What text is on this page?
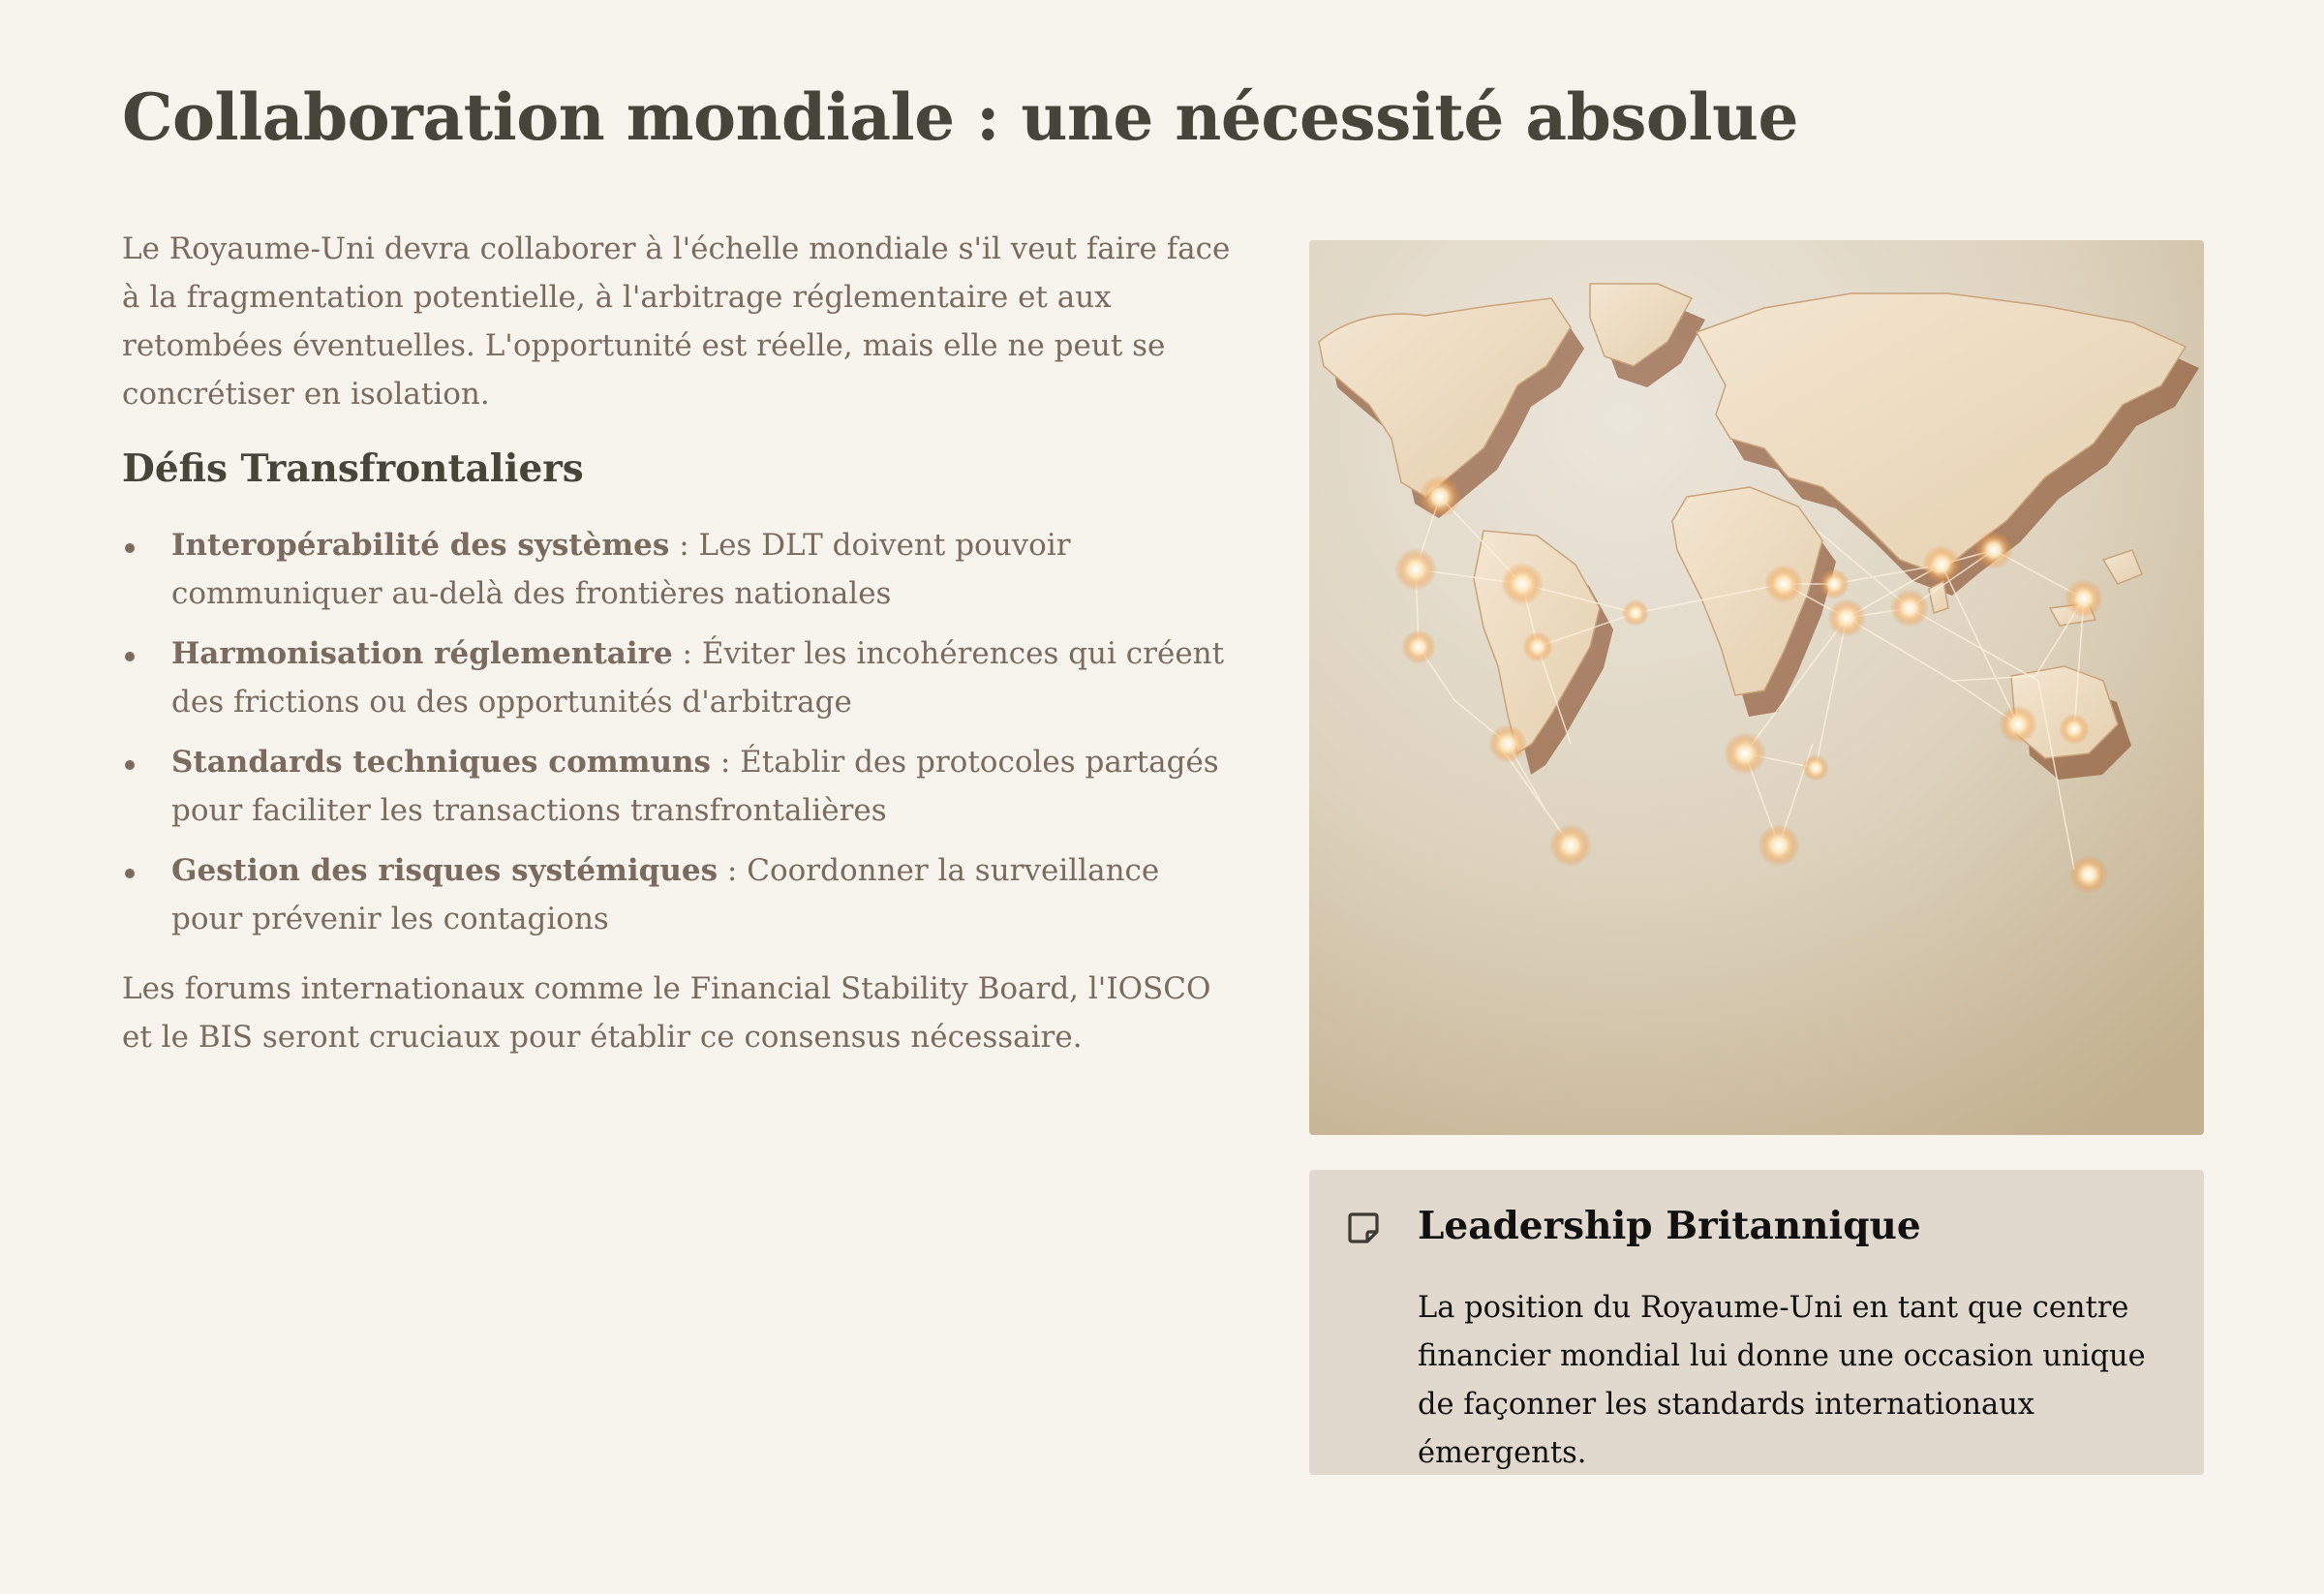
Collaboration mondiale : une nécessité absolue

Le Royaume-Uni devra collaborer à l'échelle mondiale s'il veut faire face à la fragmentation potentielle, à l'arbitrage réglementaire et aux retombées éventuelles. L'opportunité est réelle, mais elle ne peut se concrétiser en isolation.

Défis Transfrontaliers
Interopérabilité des systèmes : Les DLT doivent pouvoir communiquer au-delà des frontières nationales
Harmonisation réglementaire : Éviter les incohérences qui créent des frictions ou des opportunités d'arbitrage
Standards techniques communs : Établir des protocoles partagés pour faciliter les transactions transfrontalières
Gestion des risques systémiques : Coordonner la surveillance pour prévenir les contagions

Les forums internationaux comme le Financial Stability Board, l'IOSCO et le BIS seront cruciaux pour établir ce consensus nécessaire.

Leadership Britannique

La position du Royaume-Uni en tant que centre financier mondial lui donne une occasion unique de façonner les standards internationaux émergents.
